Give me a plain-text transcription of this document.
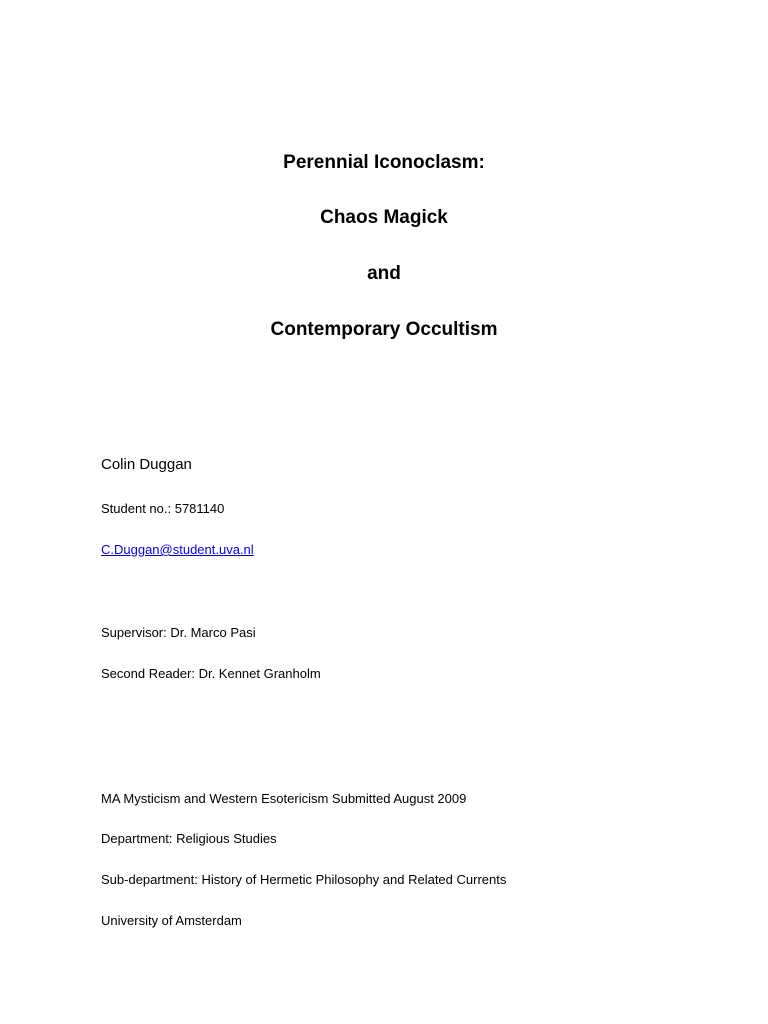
Perennial Iconoclasm:
Chaos Magick
and
Contemporary Occultism
Colin Duggan
Student no.: 5781140
C.Duggan@student.uva.nl
Supervisor: Dr. Marco Pasi
Second Reader: Dr. Kennet Granholm
MA Mysticism and Western Esotericism Submitted August 2009
Department: Religious Studies
Sub-department: History of Hermetic Philosophy and Related Currents
University of Amsterdam
